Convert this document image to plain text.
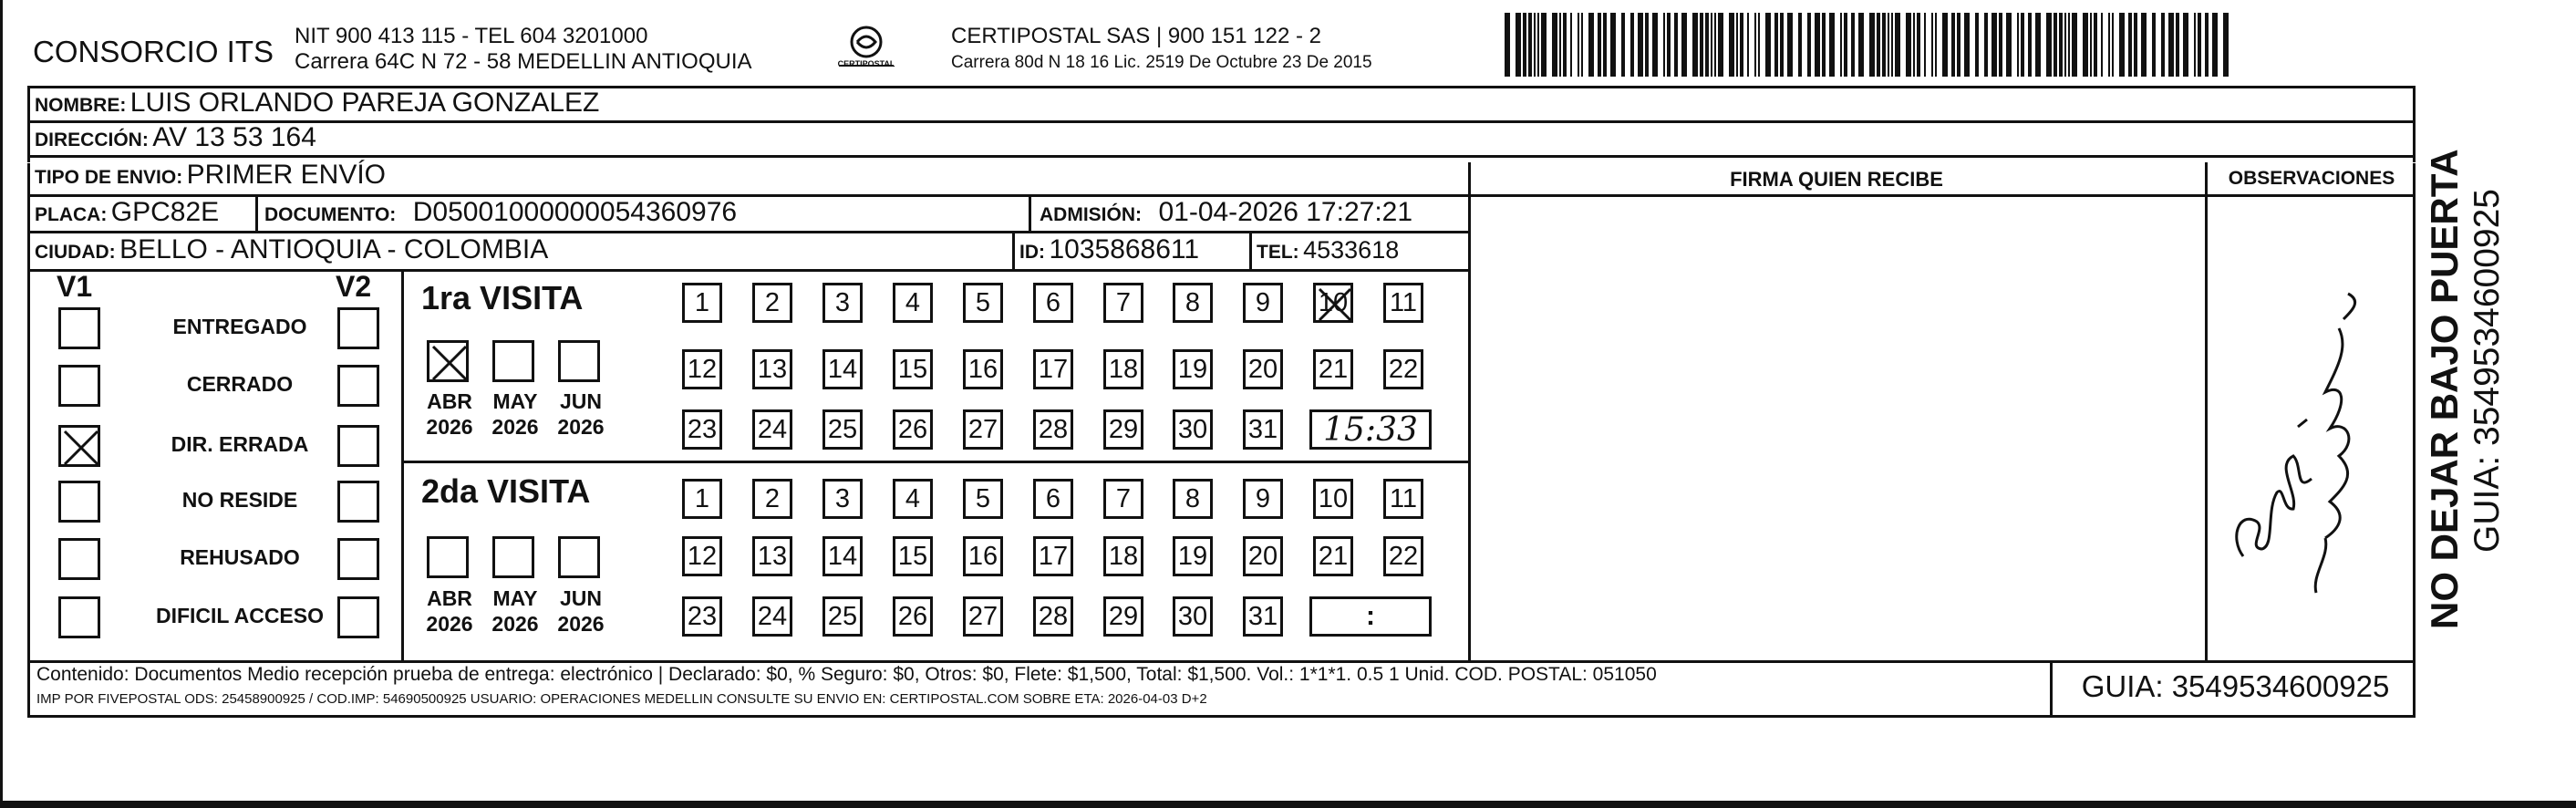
CONSORCIO ITS NIT 900 413 115 - TEL 604 3201000
Carrera 64C N 72 - 58 MEDELLIN ANTIOQUIA	CERTIPOSTAL
CERTIPOSTAL SAS | 900 151 122 - 2
Carrera 80d N 18 16 Lic. 2519 De Octubre 23 De 2015
NOMBRE: LUIS ORLANDO PAREJA GONZALEZ
DIRECCIÓN: AV 13 53 164
TIPO DE ENVIO: PRIMER ENVÍO
PLACA: GPC82E DOCUMENTO: D05001000000054360976	ADMISIÓN: 01-04-2026 17:27:21
CIUDAD: BELLO - ANTIOQUIA - COLOMBIA	ID: 1035868611	TEL: 4533618
FIRMA QUIEN RECIBE	OBSERVACIONES
V1	V2
ENTREGADO
CERRADO
DIR. ERRADA
NO RESIDE
REHUSADO
DIFICIL ACCESO
1ra VISITA
ABR
2026
MAY
2026
JUN
2026
1 2 3 4 5 6 7 8 9 10 11
12 13 14 15 16 17 18 19 20 21 22
23 24 25 26 27 28 29 30 31 15:33
2da VISITA
ABR
2026
MAY
2026
JUN
2026
1 2 3 4 5 6 7 8 9 10 11
12 13 14 15 16 17 18 19 20 21 22
23 24 25 26 27 28 29 30 31	:
Contenido: Documentos Medio recepción prueba de entrega: electrónico | Declarado: $0, % Seguro: $0, Otros: $0, Flete: $1,500, Total: $1,500. Vol.: 1*1*1. 0.5 1 Unid. COD. POSTAL: 051050
IMP POR FIVEPOSTAL ODS: 25458900925 / COD.IMP: 54690500925 USUARIO: OPERACIONES MEDELLIN CONSULTE SU ENVIO EN: CERTIPOSTAL.COM SOBRE ETA: 2026-04-03 D+2	GUIA: 3549534600925
NO DEJAR BAJO PUERTA GUIA: 3549534600925
